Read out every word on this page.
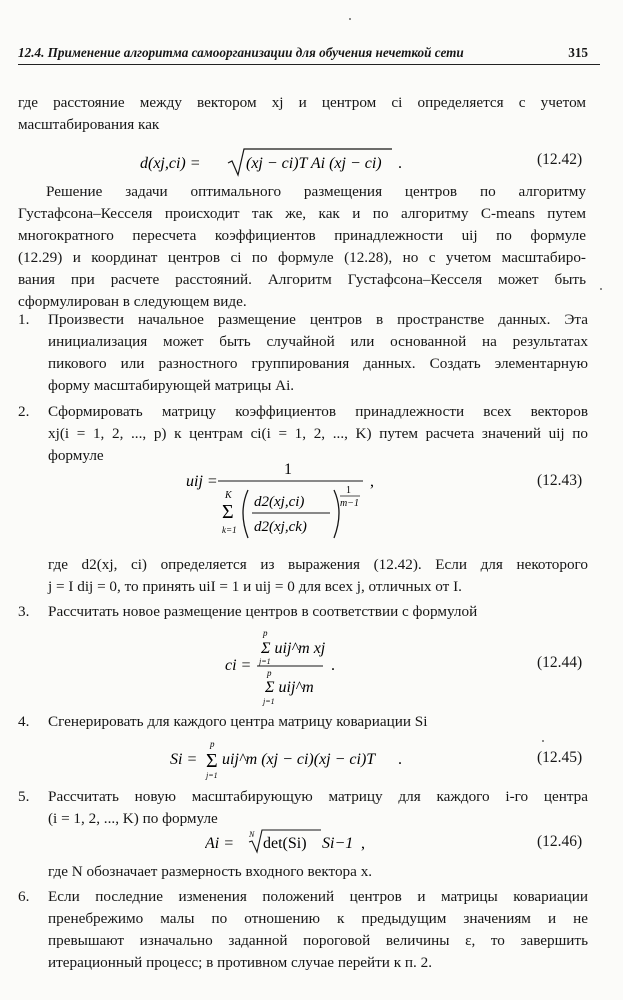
12.4. Применение алгоритма самоорганизации для обучения нечеткой сети	315
где расстояние между вектором xj и центром ci определяется с учетом
масштабирования как
d(xj,ci) =	(xj − ci)T Ai (xj − ci) .	(12.42)
Решение задачи оптимального размещения центров по алгоритму
Густафсона–Кесселя происходит так же, как и по алгоритму C-means путем
многократного пересчета коэффициентов принадлежности uij по формуле
(12.29) и координат центров ci по формуле (12.28), но с учетом масштабиро-
вания при расчете расстояний. Алгоритм Густафсона–Кесселя может быть
сформулирован в следующем виде.
1. Произвести начальное размещение центров в пространстве данных. Эта
инициализация может быть случайной или основанной на результатах
пикового или разностного группирования данных. Создать элементарную
форму масштабирующей матрицы Ai.
2. Сформировать матрицу коэффициентов принадлежности всех векторов
xj(i = 1, 2, ..., p) к центрам ci(i = 1, 2, ..., K) путем расчета значений uij по
формуле
uij =
1
K
Σ
k=1
d2(xj,ci)
d2(xj,ck)
1
m−1
,	(12.43)
где d2(xj, ci) определяется из выражения (12.42). Если для некоторого
j = I dij = 0, то принять uiI = 1 и uij = 0 для всех j, отличных от I.
3. Рассчитать новое размещение центров в соответствии с формулой
ci =
p
Σ uij^m xj
j=1
p
Σ uij^m
j=1
.	(12.44)
4. Сгенерировать для каждого центра матрицу ковариации Si
Si =
p
Σ
j=1
uij^m (xj − ci)(xj − ci)T .	(12.45)
5. Рассчитать новую масштабирующую матрицу для каждого i-го центра
(i = 1, 2, ..., K) по формуле
Ai =
N
det(Si) Si−1 ,	(12.46)
где N обозначает размерность входного вектора x.
6. Если последние изменения положений центров и матрицы ковариации
пренебрежимо малы по отношению к предыдущим значениям и не
превышают изначально заданной пороговой величины ε, то завершить
итерационный процесс; в противном случае перейти к п. 2.
